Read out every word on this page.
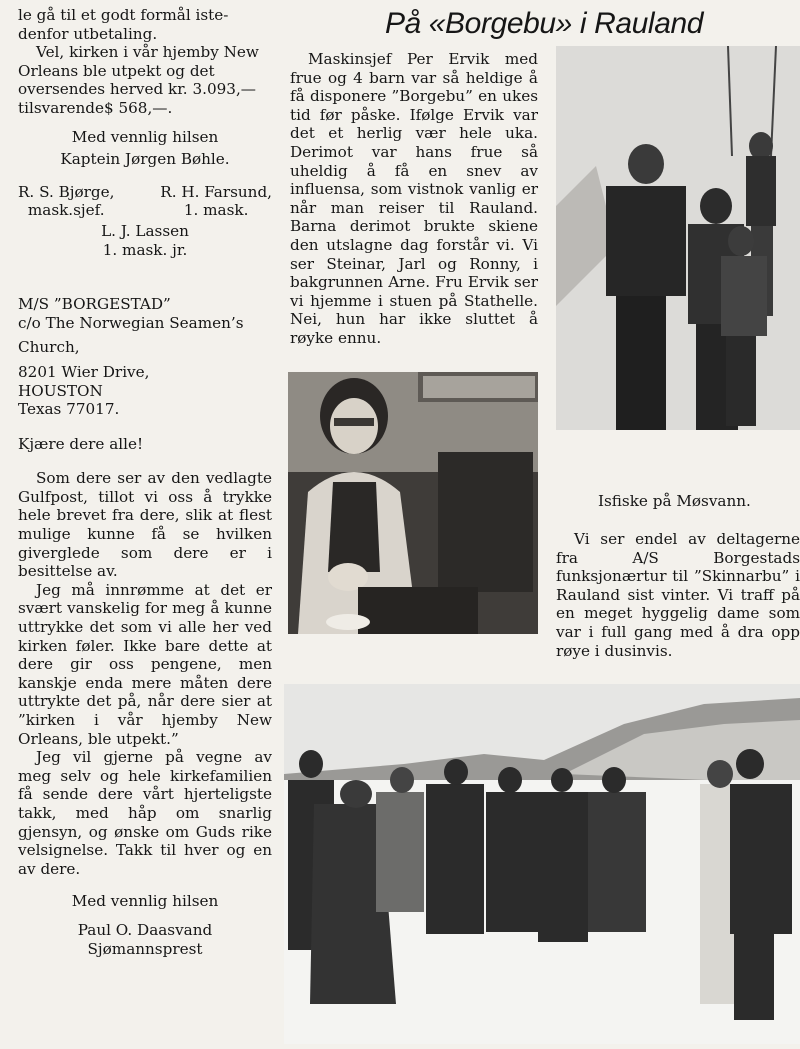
le gå til et godt formål iste-

denfor utbetaling.

Vel, kirken i vår hjemby New Orleans ble utpekt og det oversendes herved kr. 3.093,— tilsvarende$ 568,—.

Med vennlig hilsen

Kaptein Jørgen Bøhle.

R. S. Bjørge,
mask.sjef.
R. H. Farsund,
1. mask.

L. J. Lassen

1. mask. jr.

M/S ”BORGESTAD”

c/o The Norwegian Seamen’s

Church,

8201 Wier Drive,

HOUSTON

Texas 77017.

Kjære dere alle!

Som dere ser av den vedlagte Gulfpost, tillot vi oss å trykke hele brevet fra dere, slik at flest mulige kunne få se hvilken giverglede som dere er i besittelse av.

Jeg må innrømme at det er svært vanskelig for meg å kunne uttrykke det som vi alle her ved kirken føler. Ikke bare dette at dere gir oss pengene, men kanskje enda mere måten dere uttrykte det på, når dere sier at ”kirken i vår hjemby New Orleans, ble utpekt.”

Jeg vil gjerne på vegne av meg selv og hele kirkefamilien få sende dere vårt hjerteligste takk, med håp om snarlig gjensyn, og ønske om Guds rike velsignelse. Takk til hver og en av dere.

Med vennlig hilsen

Paul O. Daasvand

Sjømannsprest

På «Borgebu» i Rauland

Maskinsjef Per Ervik med frue og 4 barn var så heldige å få disponere ”Borgebu” en ukes tid før påske. Ifølge Ervik var det et herlig vær hele uka. Derimot var hans frue så uheldig å få en snev av influensa, som vistnok vanlig er når man reiser til Rauland. Barna derimot brukte skiene den utslagne dag forstår vi. Vi ser Steinar, Jarl og Ronny, i bakgrunnen Arne. Fru Ervik ser vi hjemme i stuen på Stathelle. Nei, hun har ikke sluttet å røyke ennu.

Isfiske på Møsvann.

Vi ser endel av deltagerne fra A/S Borgestads funksjonærtur til ”Skinnarbu” i Rauland sist vinter. Vi traff på en meget hyggelig dame som var i full gang med å dra opp røye i dusinvis.
